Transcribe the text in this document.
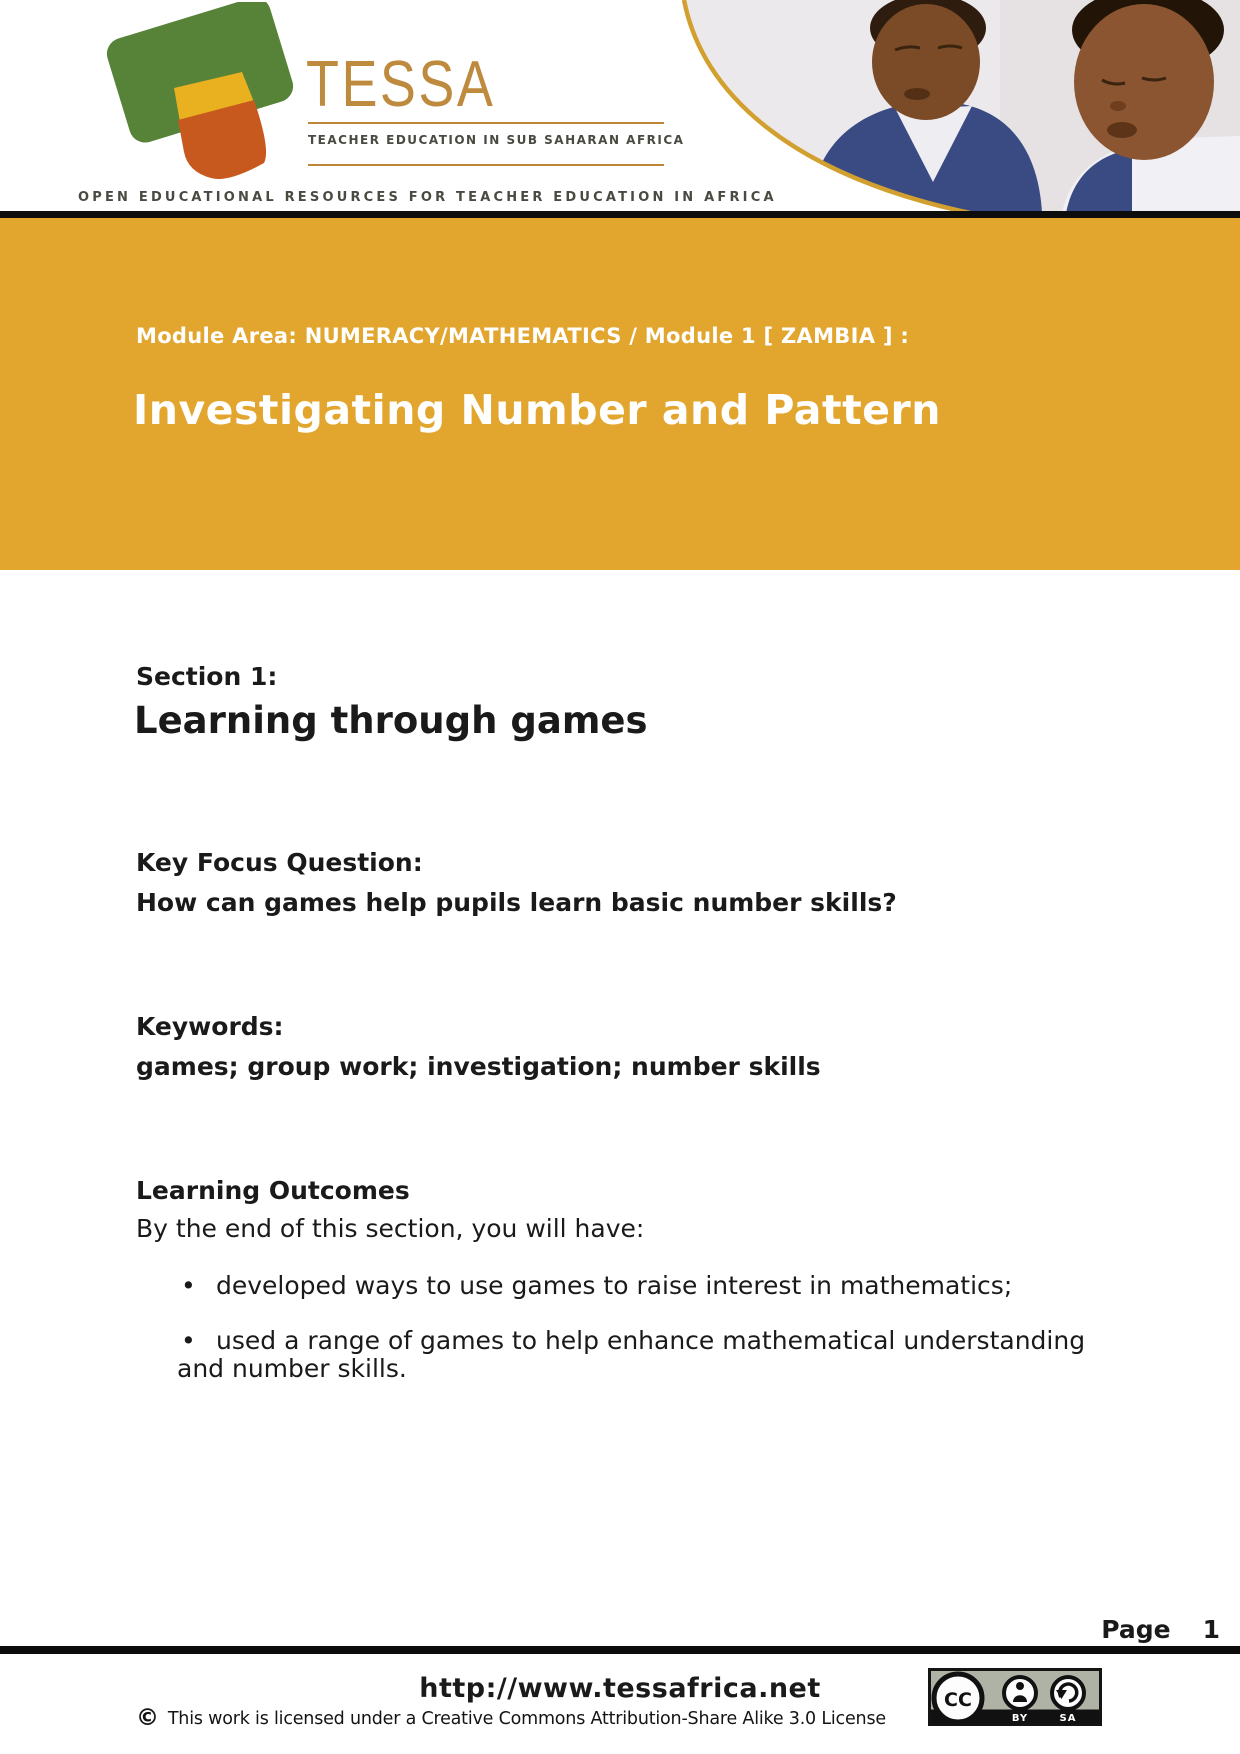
TESSA
TEACHER EDUCATION IN SUB SAHARAN AFRICA
OPEN EDUCATIONAL RESOURCES FOR TEACHER EDUCATION IN AFRICA
Module Area: NUMERACY/MATHEMATICS / Module 1 [ ZAMBIA ] :
Investigating Number and Pattern
Section 1:
Learning through games
Key Focus Question:
How can games help pupils learn basic number skills?
Keywords:
games; group work; investigation; number skills
Learning Outcomes
By the end of this section, you will have:
• developed ways to use games to raise interest in mathematics;
• used a range of games to help enhance mathematical understanding
and number skills.
Page 1
http://www.tessafrica.net
© This work is licensed under a Creative Commons Attribution-Share Alike 3.0 License
CC
BY	SA
